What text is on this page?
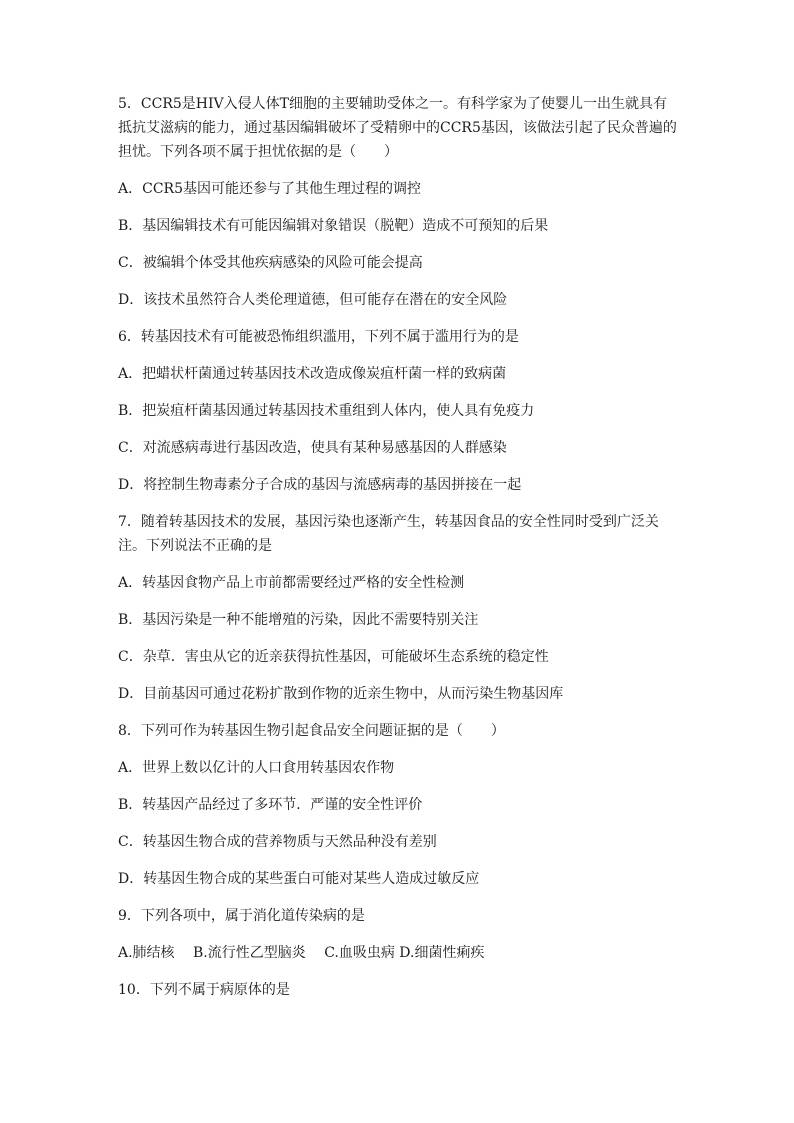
5．CCR5是HIV入侵人体T细胞的主要辅助受体之一。有科学家为了使婴儿一出生就具有抵抗艾滋病的能力，通过基因编辑破坏了受精卵中的CCR5基因，该做法引起了民众普遍的担忧。下列各项不属于担忧依据的是（　　）

A．CCR5基因可能还参与了其他生理过程的调控

B．基因编辑技术有可能因编辑对象错误（脱靶）造成不可预知的后果

C．被编辑个体受其他疾病感染的风险可能会提高

D．该技术虽然符合人类伦理道德，但可能存在潜在的安全风险

6．转基因技术有可能被恐怖组织滥用，下列不属于滥用行为的是

A．把蜡状杆菌通过转基因技术改造成像炭疽杆菌一样的致病菌

B．把炭疽杆菌基因通过转基因技术重组到人体内，使人具有免疫力

C．对流感病毒进行基因改造，使具有某种易感基因的人群感染

D．将控制生物毒素分子合成的基因与流感病毒的基因拼接在一起

7．随着转基因技术的发展，基因污染也逐渐产生，转基因食品的安全性同时受到广泛关注。下列说法不正确的是

A．转基因食物产品上市前都需要经过严格的安全性检测

B．基因污染是一种不能增殖的污染，因此不需要特别关注

C．杂草．害虫从它的近亲获得抗性基因，可能破坏生态系统的稳定性

D．目前基因可通过花粉扩散到作物的近亲生物中，从而污染生物基因库

8．下列可作为转基因生物引起食品安全问题证据的是（　　）

A．世界上数以亿计的人口食用转基因农作物

B．转基因产品经过了多环节．严谨的安全性评价

C．转基因生物合成的营养物质与天然品种没有差别

D．转基因生物合成的某些蛋白可能对某些人造成过敏反应

9．下列各项中，属于消化道传染病的是

A.肺结核　 B.流行性乙型脑炎　 C.血吸虫病 D.细菌性痢疾

10．下列不属于病原体的是
